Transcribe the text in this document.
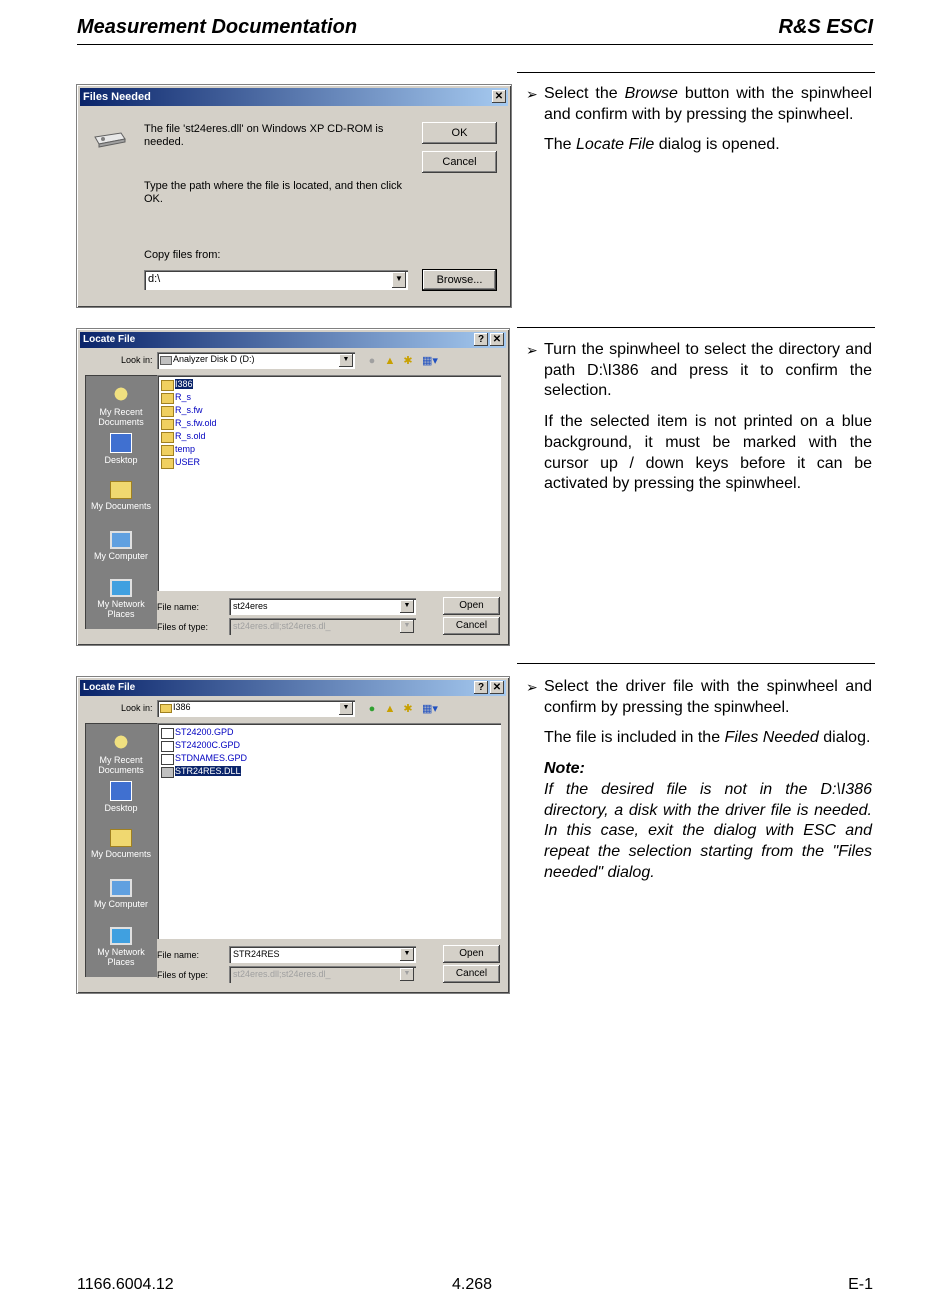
Measurement Documentation	R&S ESCI
Files Needed	✕
The file 'st24eres.dll' on Windows XP CD-ROM is
needed.
Type the path where the file is located, and then click
OK.
Copy files from:
d:\	▼
OK
Cancel
Browse...

➢ Select the Browse button with the spinwheel and confirm with by pressing the spinwheel.

The Locate File dialog is opened.

Locate File	? ✕
Look in:	Analyzer Disk D (D:)	▼	● ▲ ✱ ▦▾
My Recent Documents
Desktop
My Documents
My Computer
My Network Places
I386
R_s
R_s.fw
R_s.fw.old
R_s.old
temp
USER
File name:	st24eres	▼
Files of type:	st24eres.dll;st24eres.dl_	▼
Open
Cancel

➢ Turn the spinwheel to select the directory and path D:\I386 and press it to confirm the selection.

If the selected item is not printed on a blue background, it must be marked with the cursor up / down keys before it can be activated by pressing the spinwheel.

Locate File	? ✕
Look in:	I386	▼	● ▲ ✱ ▦▾
My Recent Documents
Desktop
My Documents
My Computer
My Network Places
ST24200.GPD
ST24200C.GPD
STDNAMES.GPD
STR24RES.DLL
File name:	STR24RES	▼
Files of type:	st24eres.dll;st24eres.dl_	▼
Open
Cancel

➢ Select the driver file with the spinwheel and confirm by pressing the spinwheel.

The file is included in the Files Needed dialog.

Note:
If the desired file is not in the D:\I386 directory, a disk with the driver file is needed. In this case, exit the dialog with ESC and repeat the selection starting from the "Files needed" dialog.

1166.6004.12	4.268	E-1
